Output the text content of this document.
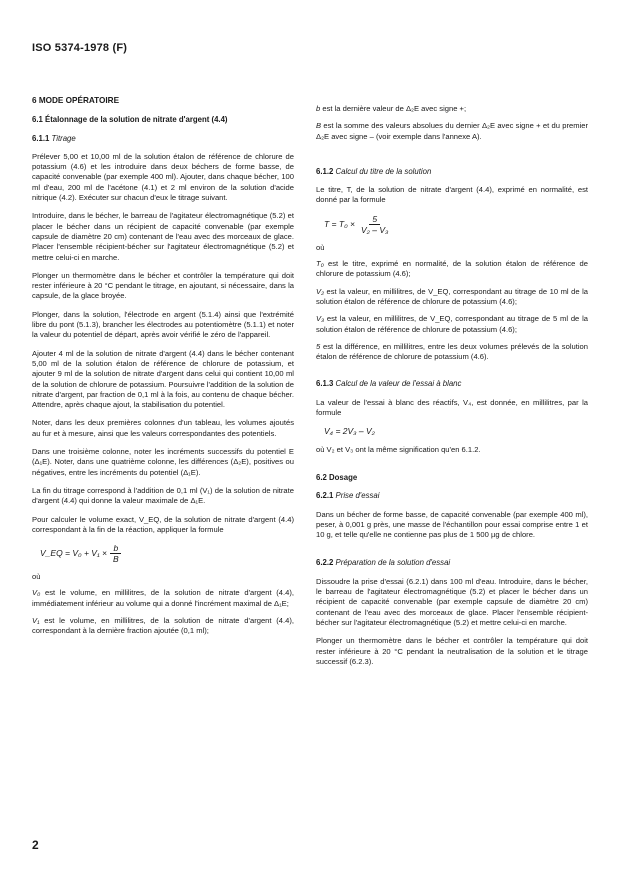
ISO 5374-1978 (F)
6 MODE OPÉRATOIRE
6.1 Étalonnage de la solution de nitrate d'argent (4.4)
6.1.1 Titrage

Prélever 5,00 et 10,00 ml de la solution étalon de référence de chlorure de potassium (4.6) et les introduire dans deux béchers de forme basse, de capacité convenable (par exemple 400 ml). Ajouter, dans chaque bécher, 100 ml d'eau, 200 ml de l'acétone (4.1) et 2 ml environ de la solution d'acide nitrique (4.2). Exécuter sur chacun d'eux le titrage suivant.

Introduire, dans le bécher, le barreau de l'agitateur électromagnétique (5.2) et placer le bécher dans un récipient de capacité convenable (par exemple capsule de diamètre 20 cm) contenant de l'eau avec des morceaux de glace. Placer l'ensemble récipient-bécher sur l'agitateur électromagnétique (5.2) et mettre celui-ci en marche.

Plonger un thermomètre dans le bécher et contrôler la température qui doit rester inférieure à 20 °C pendant le titrage, en ajoutant, si nécessaire, dans la capsule, de la glace broyée.

Plonger, dans la solution, l'électrode en argent (5.1.4) ainsi que l'extrémité libre du pont (5.1.3), brancher les électrodes au potentiomètre (5.1.1) et noter la valeur du potentiel de départ, après avoir vérifié le zéro de l'appareil.

Ajouter 4 ml de la solution de nitrate d'argent (4.4) dans le bécher contenant 5,00 ml de la solution étalon de référence de chlorure de potassium, et ajouter 9 ml de la solution de nitrate d'argent dans celui qui contient 10,00 ml de la solution de chlorure de potassium. Poursuivre l'addition de la solution de nitrate d'argent, par fraction de 0,1 ml à la fois, au contenu de chaque bécher. Attendre, après chaque ajout, la stabilisation du potentiel.

Noter, dans les deux premières colonnes d'un tableau, les volumes ajoutés au fur et à mesure, ainsi que les valeurs correspondantes des potentiels.

Dans une troisième colonne, noter les incréments successifs du potentiel E (Δ₁E). Noter, dans une quatrième colonne, les différences (Δ₂E), positives ou négatives, entre les incréments du potentiel (Δ₁E).

La fin du titrage correspond à l'addition de 0,1 ml (V₁) de la solution de nitrate d'argent (4.4) qui donne la valeur maximale de Δ₁E.

Pour calculer le volume exact, V_EQ, de la solution de nitrate d'argent (4.4) correspondant à la fin de la réaction, appliquer la formule

V_EQ = $V_0 + V_1 \times \frac{b}{B}$
où
V₀ est le volume, en millilitres, de la solution de nitrate d'argent (4.4), immédiatement inférieur au volume qui a donné l'incrément maximal de Δ₁E;
V₁ est le volume, en millilitres, de la solution de nitrate d'argent (4.4), correspondant à la dernière fraction ajoutée (0,1 ml);
b est la dernière valeur de Δ₂E avec signe +;
B est la somme des valeurs absolues du dernier Δ₂E avec signe + et du premier Δ₂E avec signe – (voir exemple dans l'annexe A).
6.1.2 Calcul du titre de la solution

Le titre, T, de la solution de nitrate d'argent (4.4), exprimé en normalité, est donné par la formule

$T = T_0 \times \frac{5}{\text{V₂ – V₃}}$
où
T₀ est le titre, exprimé en normalité, de la solution étalon de référence de chlorure de potassium (4.6);
V₂ est la valeur, en millilitres, de V_EQ, correspondant au titrage de 10 ml de la solution étalon de référence de chlorure de potassium (4.6);
V₃ est la valeur, en millilitres, de V_EQ, correspondant au titrage de 5 ml de la solution étalon de référence de chlorure de potassium (4.6);
5 est la différence, en millilitres, entre les deux volumes prélevés de la solution étalon de référence de chlorure de potassium (4.6).
6.1.3 Calcul de la valeur de l'essai à blanc

La valeur de l'essai à blanc des réactifs, V₄, est donnée, en millilitres, par la formule

V₄ = 2V₃ – V₂

où V₂ et V₃ ont la même signification qu'en 6.1.2.

6.2 Dosage
6.2.1 Prise d'essai

Dans un bécher de forme basse, de capacité convenable (par exemple 400 ml), peser, à 0,001 g près, une masse de l'échantillon pour essai comprise entre 1 et 10 g, et telle qu'elle ne contienne pas plus de 1 500 µg de chlore.

6.2.2 Préparation de la solution d'essai

Dissoudre la prise d'essai (6.2.1) dans 100 ml d'eau. Introduire, dans le bécher, le barreau de l'agitateur électromagnétique (5.2) et placer le bécher dans un récipient de capacité convenable (par exemple capsule de diamètre 20 cm) contenant de l'eau avec des morceaux de glace. Placer l'ensemble récipient-bécher sur l'agitateur électromagnétique (5.2) et mettre celui-ci en marche.

Plonger un thermomètre dans le bécher et contrôler la température qui doit rester inférieure à 20 °C pendant la neutralisation de la solution et le titrage successif (6.2.3).

2
